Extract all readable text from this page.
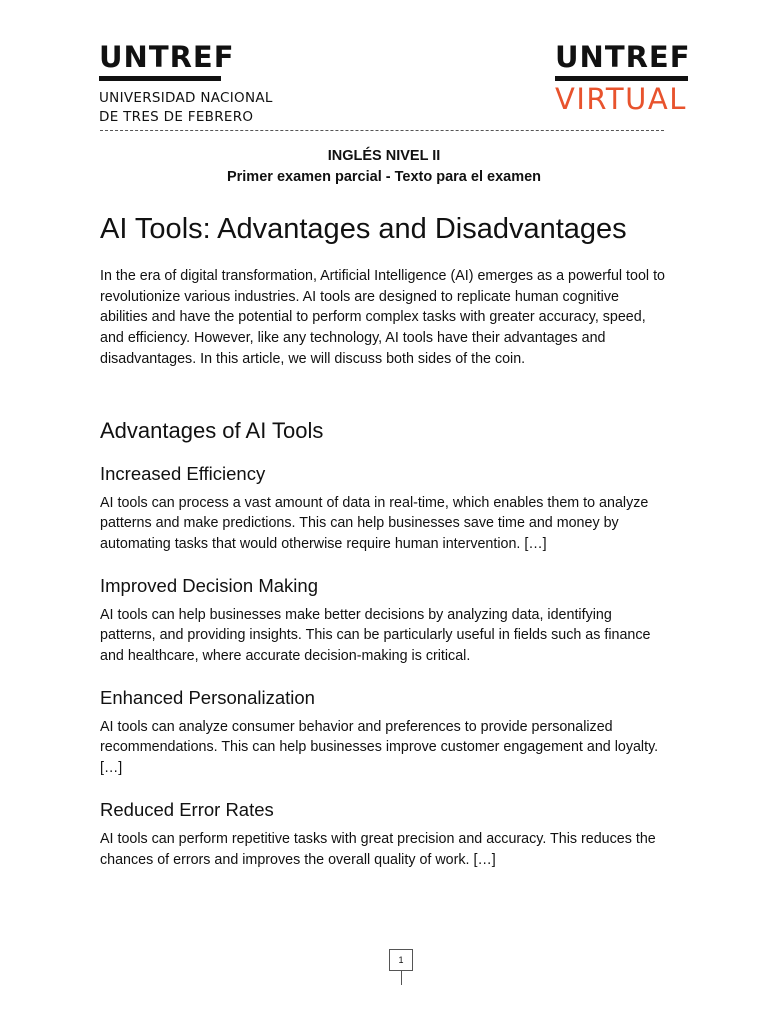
UNTREF
UNIVERSIDAD NACIONAL
DE TRES DE FEBRERO
UNTREF
VIRTUAL
INGLÉS NIVEL II
Primer examen parcial - Texto para el examen
AI Tools: Advantages and Disadvantages

In the era of digital transformation, Artificial Intelligence (AI) emerges as a powerful tool to revolutionize various industries. AI tools are designed to replicate human cognitive abilities and have the potential to perform complex tasks with greater accuracy, speed, and efficiency. However, like any technology, AI tools have their advantages and disadvantages. In this article, we will discuss both sides of the coin.

Advantages of AI Tools
Increased Efficiency

AI tools can process a vast amount of data in real-time, which enables them to analyze patterns and make predictions. This can help businesses save time and money by automating tasks that would otherwise require human intervention. […]

Improved Decision Making

AI tools can help businesses make better decisions by analyzing data, identifying patterns, and providing insights. This can be particularly useful in fields such as finance and healthcare, where accurate decision-making is critical.

Enhanced Personalization

AI tools can analyze consumer behavior and preferences to provide personalized recommendations. This can help businesses improve customer engagement and loyalty. […]

Reduced Error Rates

AI tools can perform repetitive tasks with great precision and accuracy. This reduces the chances of errors and improves the overall quality of work. […]

1
